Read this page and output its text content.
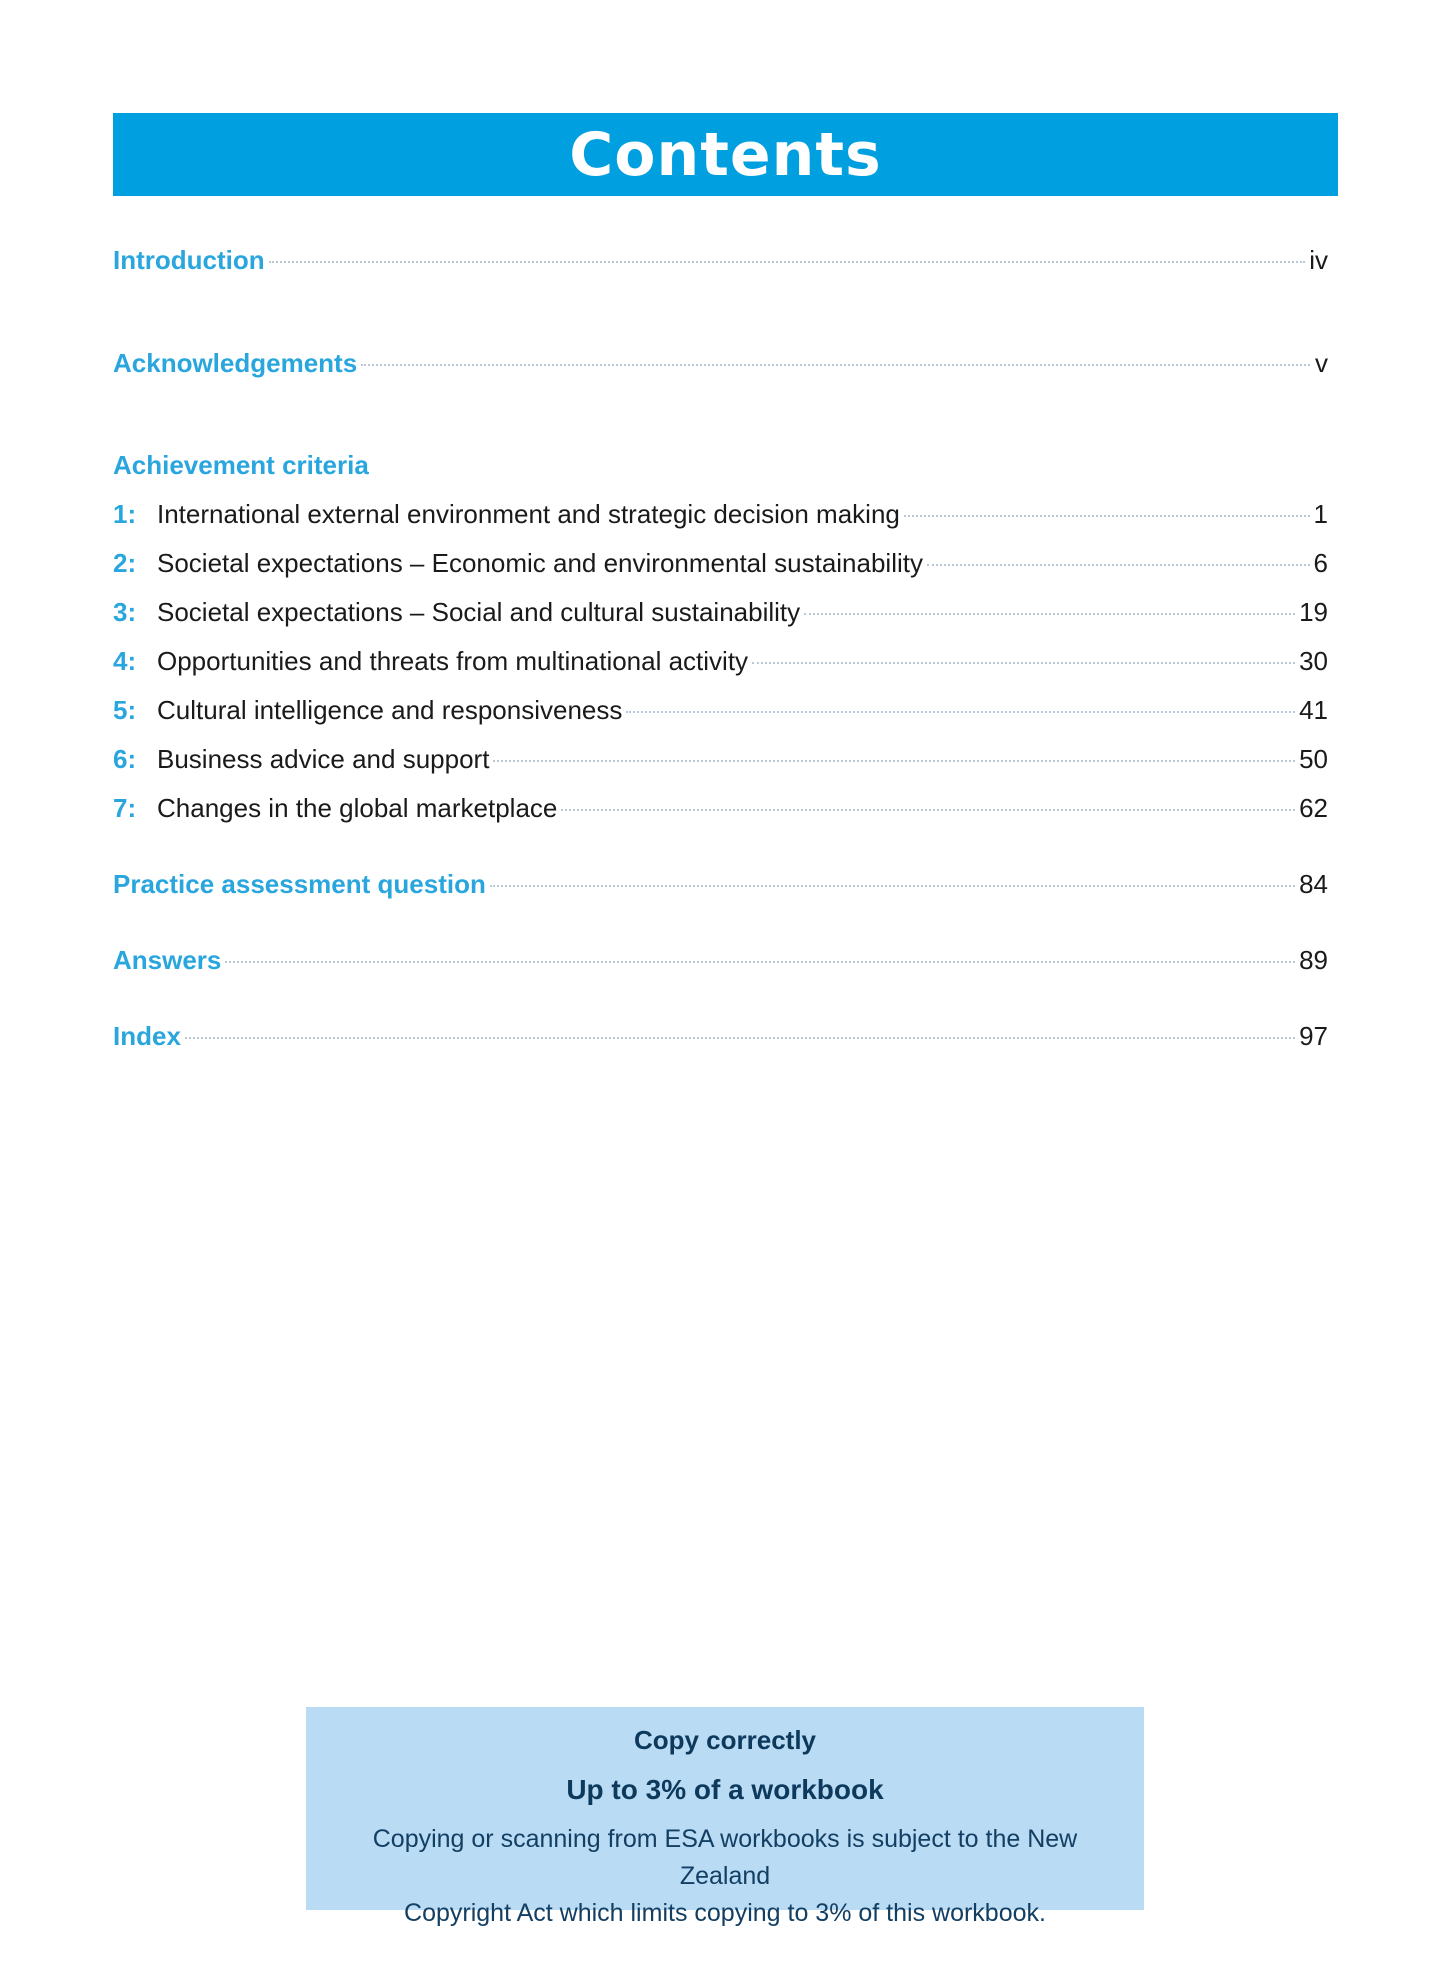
Contents
Introduction	iv
Acknowledgements	v
Achievement criteria
1: International external environment and strategic decision making	1
2: Societal expectations – Economic and environmental sustainability	6
3: Societal expectations – Social and cultural sustainability	19
4: Opportunities and threats from multinational activity	30
5: Cultural intelligence and responsiveness	41
6: Business advice and support	50
7: Changes in the global marketplace	62
Practice assessment question	84
Answers	89
Index	97
Copy correctly
Up to 3% of a workbook
Copying or scanning from ESA workbooks is subject to the New Zealand
Copyright Act which limits copying to 3% of this workbook.
